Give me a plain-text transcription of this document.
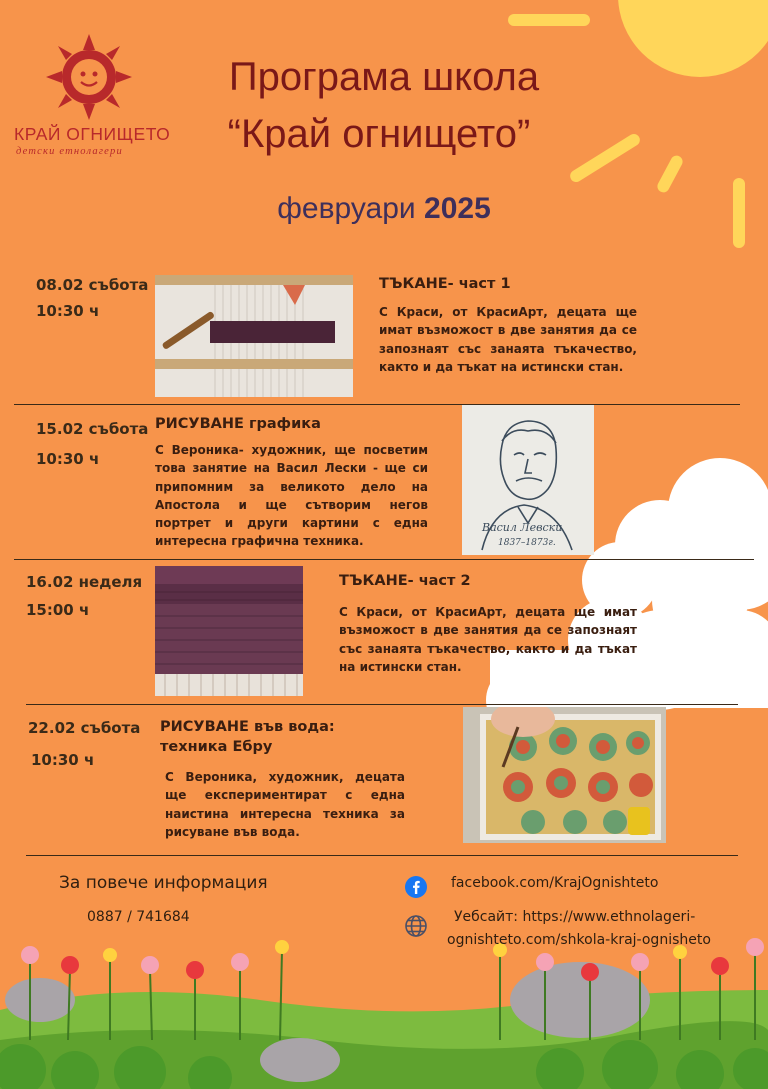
КРАЙ ОГНИЩЕТО
детски етнолагери
Програма школа
“Край огнището”
февруари 2025
08.02 събота
10:30 ч
ТЪКАНЕ- част 1
С Краси, от КрасиАрт, децата ще имат възможост в две занятия да се запознаят със занаята тъкачество, както и да тъкат на истински стан.
15.02 събота
10:30 ч
РИСУВАНЕ графика
С Вероника- художник, ще посветим това занятие на Васил Лески - ще си припомним за великото дело на Апостола и ще сътворим негов портрет и други картини с една интересна графична техника.
Васил Левски
1837–1873г.
16.02 неделя
15:00 ч
ТЪКАНЕ- част 2
С Краси, от КрасиАрт, децата ще имат възможост в две занятия да се запознаят със занаята тъкачество, както и да тъкат на истински стан.
22.02 събота
10:30 ч
РИСУВАНЕ във вода:
техника Ебру
С Вероника, художник, децата ще експериментират с една наистина интересна техника за рисуване във вода.
За повече информация
0887 / 741684
facebook.com/KrajOgnishteto
Уебсайт: https://www.ethnolageri-
ognishteto.com/shkola-kraj-ognisheto
